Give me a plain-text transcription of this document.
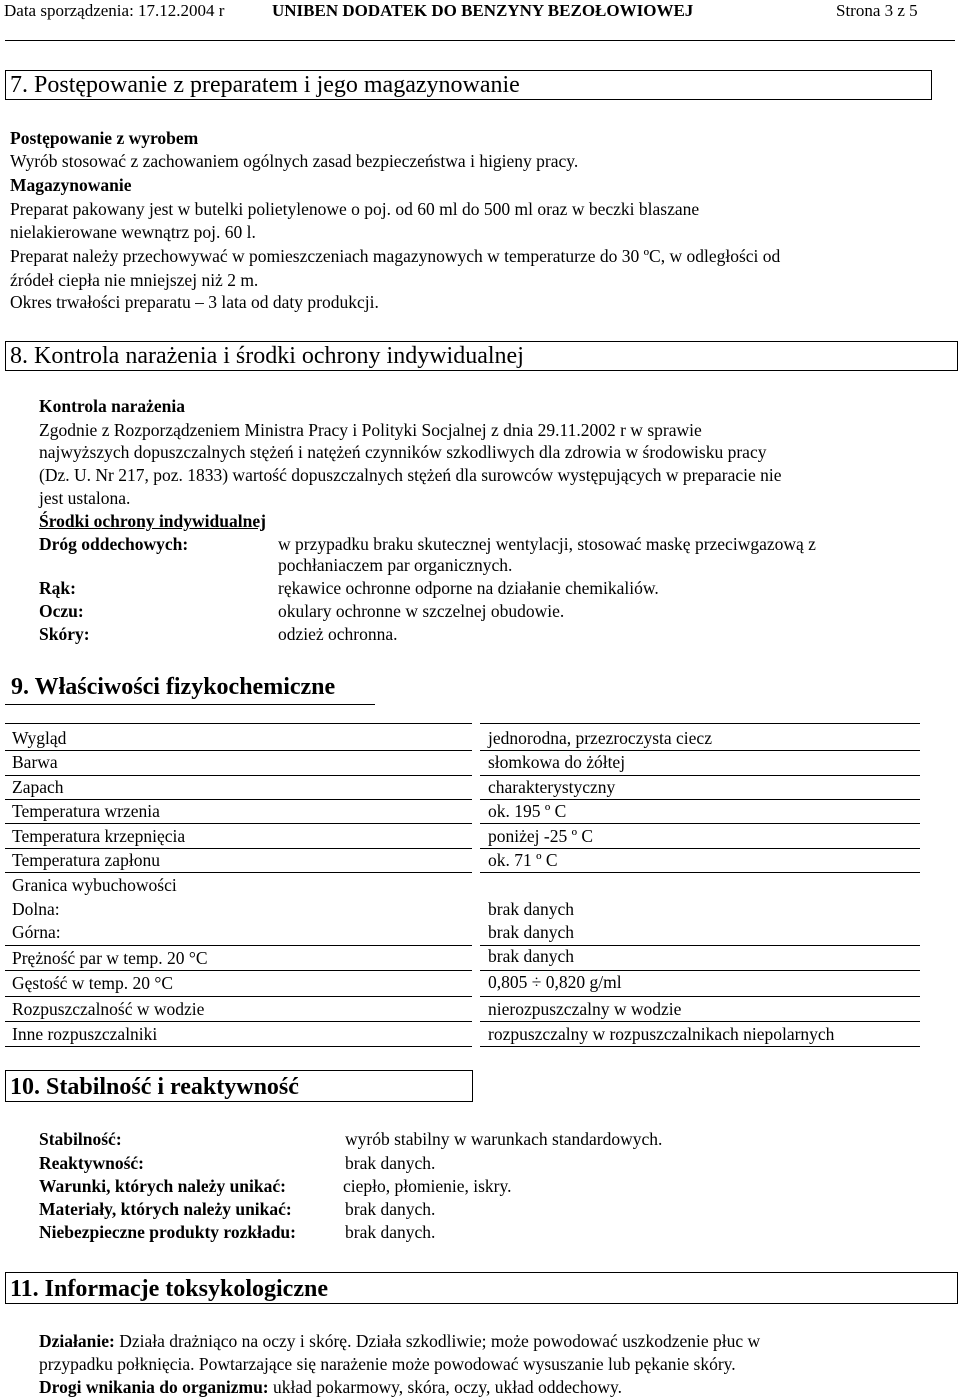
Data sporządzenia: 17.12.2004 r	UNIBEN DODATEK DO BENZYNY BEZOŁOWIOWEJ	Strona 3 z 5
7. Postępowanie z preparatem i jego magazynowanie
Postępowanie z wyrobem
Wyrób stosować z zachowaniem ogólnych zasad bezpieczeństwa i higieny pracy.
Magazynowanie
Preparat pakowany jest w butelki polietylenowe o poj. od 60 ml do 500 ml oraz w beczki blaszane
nielakierowane wewnątrz poj. 60 l.
Preparat należy przechowywać w pomieszczeniach magazynowych w temperaturze do 30 ºC, w odległości od
źródeł ciepła nie mniejszej niż 2 m.
Okres trwałości preparatu – 3 lata od daty produkcji.
8. Kontrola narażenia i środki ochrony indywidualnej
Kontrola narażenia
Zgodnie z Rozporządzeniem Ministra Pracy i Polityki Socjalnej z dnia 29.11.2002 r w sprawie
najwyższych dopuszczalnych stężeń i natężeń czynników szkodliwych dla zdrowia w środowisku pracy
(Dz. U. Nr 217, poz. 1833) wartość dopuszczalnych stężeń dla surowców występujących w preparacie nie
jest ustalona.
Środki ochrony indywidualnej
Dróg oddechowych:	w przypadku braku skutecznej wentylacji, stosować maskę przeciwgazową z
pochłaniaczem par organicznych.
Rąk:	rękawice ochronne odporne na działanie chemikaliów.
Oczu:	okulary ochronne w szczelnej obudowie.
Skóry:	odzież ochronna.
9. Właściwości fizykochemiczne
Wygląd	jednorodna, przezroczysta ciecz
Barwa	słomkowa do żółtej
Zapach	charakterystyczny
Temperatura wrzenia	ok. 195 º C
Temperatura krzepnięcia	poniżej -25 º C
Temperatura zapłonu	ok. 71 º C
Granica wybuchowości
Dolna:	brak danych
Górna:	brak danych
Prężność par w temp. 20 °C	brak danych
Gęstość w temp. 20 °C	0,805 ÷ 0,820 g/ml
Rozpuszczalność w wodzie	nierozpuszczalny w wodzie
Inne rozpuszczalniki	rozpuszczalny w rozpuszczalnikach niepolarnych
10. Stabilność i reaktywność
Stabilność:	wyrób stabilny w warunkach standardowych.
Reaktywność:	brak danych.
Warunki, których należy unikać:	ciepło, płomienie, iskry.
Materiały, których należy unikać:	brak danych.
Niebezpieczne produkty rozkładu:	brak danych.
11. Informacje toksykologiczne
Działanie: Działa drażniąco na oczy i skórę. Działa szkodliwie; może powodować uszkodzenie płuc w
przypadku połknięcia. Powtarzające się narażenie może powodować wysuszanie lub pękanie skóry.
Drogi wnikania do organizmu: układ pokarmowy, skóra, oczy, układ oddechowy.
